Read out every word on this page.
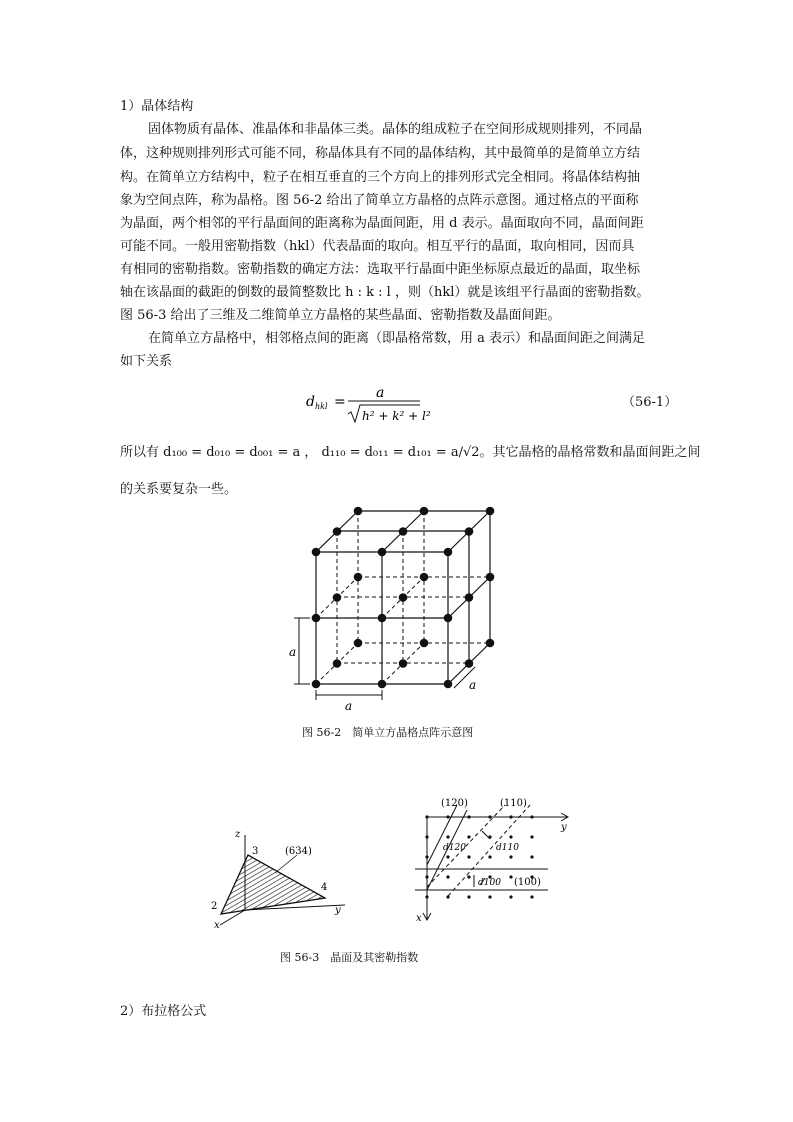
1）晶体结构
固体物质有晶体、准晶体和非晶体三类。晶体的组成粒子在空间形成规则排列，不同晶
体，这种规则排列形式可能不同，称晶体具有不同的晶体结构，其中最简单的是简单立方结
构。在简单立方结构中，粒子在相互垂直的三个方向上的排列形式完全相同。将晶体结构抽
象为空间点阵，称为晶格。图 56-2 给出了简单立方晶格的点阵示意图。通过格点的平面称
为晶面，两个相邻的平行晶面间的距离称为晶面间距，用 d 表示。晶面取向不同，晶面间距
可能不同。一般用密勒指数（hkl）代表晶面的取向。相互平行的晶面，取向相同，因而具
有相同的密勒指数。密勒指数的确定方法：选取平行晶面中距坐标原点最近的晶面，取坐标
轴在该晶面的截距的倒数的最简整数比 h : k : l ，则（hkl）就是该组平行晶面的密勒指数。
图 56-3 给出了三维及二维简单立方晶格的某些晶面、密勒指数及晶面间距。
在简单立方晶格中，相邻格点间的距离（即晶格常数，用 a 表示）和晶面间距之间满足
如下关系
d hkl =
a
h² + k² + l²
（56-1）
所以有 d₁₀₀ = d₀₁₀ = d₀₀₁ = a ， d₁₁₀ = d₀₁₁ = d₁₀₁ = a/√2。其它晶格的晶格常数和晶面间距之间
的关系要复杂一些。
a
a
a
图 56-2　简单立方晶格点阵示意图
z
x
y
3
2
4
(634)
(120)	(110)
(100)
d120	d110
d100
y
x
图 56-3　晶面及其密勒指数
2）布拉格公式
